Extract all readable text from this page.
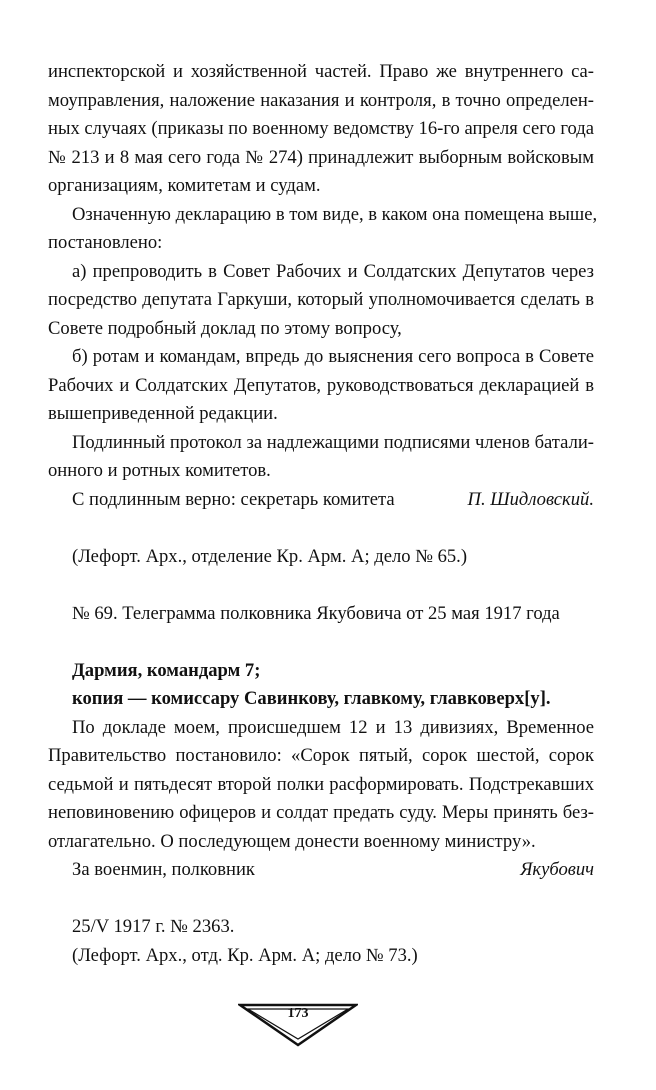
инспекторской и хозяйственной частей. Право же внутреннего са-
моуправления, наложение наказания и контроля, в точно определен-
ных случаях (приказы по военному ведомству 16-го апреля сего года
№ 213 и 8 мая сего года № 274) принадлежит выборным войсковым
организациям, комитетам и судам.
Означенную декларацию в том виде, в каком она помещена выше,
постановлено:
а) препроводить в Совет Рабочих и Солдатских Депутатов через
посредство депутата Гаркуши, который уполномочивается сделать в
Совете подробный доклад по этому вопросу,
б) ротам и командам, впредь до выяснения сего вопроса в Совете
Рабочих и Солдатских Депутатов, руководствоваться декларацией в
вышеприведенной редакции.
Подлинный протокол за надлежащими подписями членов батали-
онного и ротных комитетов.
С подлинным верно: секретарь комитета	П. Шидловский.
(Лефорт. Арх., отделение Кр. Арм. А; дело № 65.)
№ 69. Телеграмма полковника Якубовича от 25 мая 1917 года
Дармия, командарм 7;
копия — комиссару Савинкову, главкому, главковерх[у].
По докладе моем, происшедшем 12 и 13 дивизиях, Временное
Правительство постановило: «Сорок пятый, сорок шестой, сорок
седьмой и пятьдесят второй полки расформировать. Подстрекавших
неповиновению офицеров и солдат предать суду. Меры принять без-
отлагательно. О последующем донести военному министру».
За военмин, полковник	Якубович
25/V 1917 г. № 2363.
(Лефорт. Арх., отд. Кр. Арм. А; дело № 73.)
173
